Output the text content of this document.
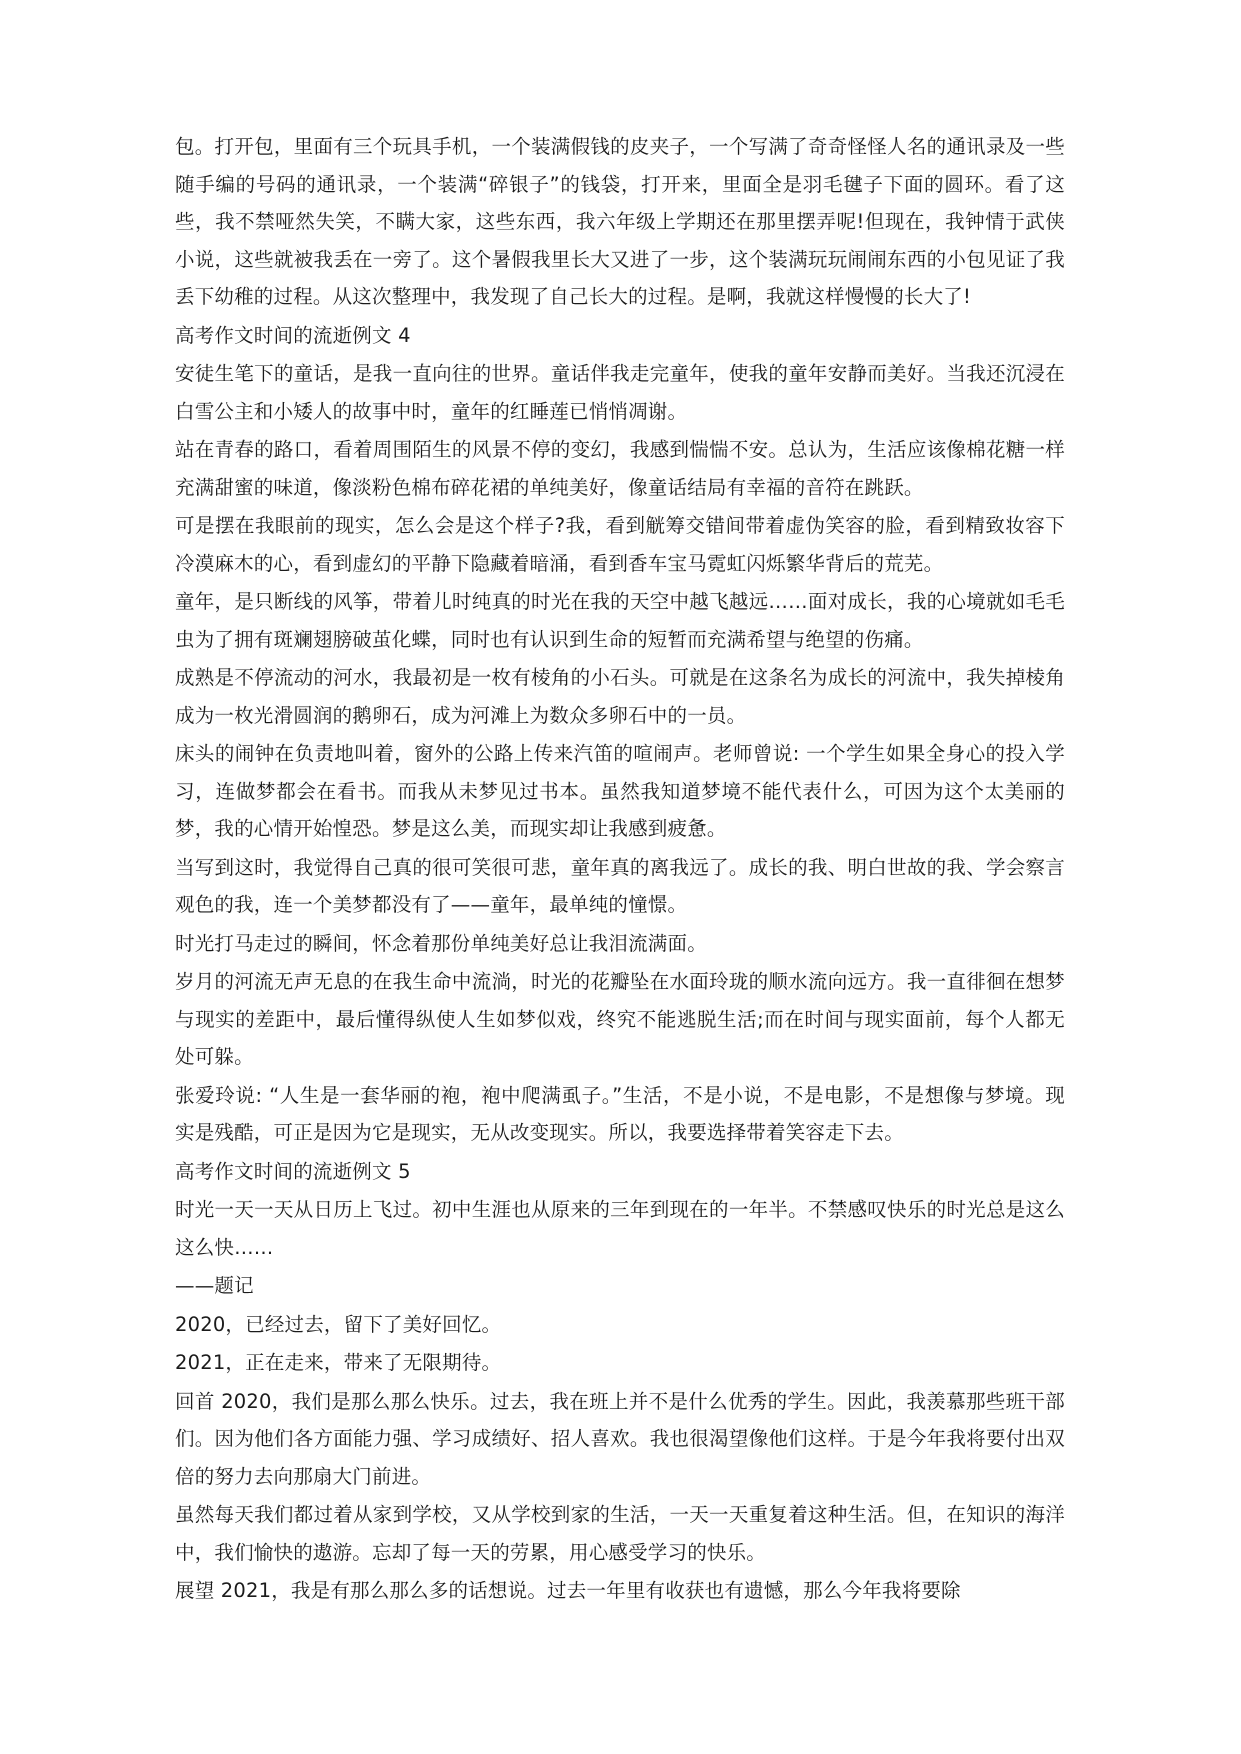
包。打开包，里面有三个玩具手机，一个装满假钱的皮夹子，一个写满了奇奇怪怪人名的通讯录及一些随手编的号码的通讯录，一个装满“碎银子”的钱袋，打开来，里面全是羽毛毽子下面的圆环。看了这些，我不禁哑然失笑，不瞒大家，这些东西，我六年级上学期还在那里摆弄呢!但现在，我钟情于武侠小说，这些就被我丢在一旁了。这个暑假我里长大又进了一步，这个装满玩玩闹闹东西的小包见证了我丢下幼稚的过程。从这次整理中，我发现了自己长大的过程。是啊，我就这样慢慢的长大了!

高考作文时间的流逝例文 4

安徒生笔下的童话，是我一直向往的世界。童话伴我走完童年，使我的童年安静而美好。当我还沉浸在白雪公主和小矮人的故事中时，童年的红睡莲已悄悄凋谢。

站在青春的路口，看着周围陌生的风景不停的变幻，我感到惴惴不安。总认为，生活应该像棉花糖一样充满甜蜜的味道，像淡粉色棉布碎花裙的单纯美好，像童话结局有幸福的音符在跳跃。

可是摆在我眼前的现实，怎么会是这个样子?我，看到觥筹交错间带着虚伪笑容的脸，看到精致妆容下冷漠麻木的心，看到虚幻的平静下隐藏着暗涌，看到香车宝马霓虹闪烁繁华背后的荒芜。

童年，是只断线的风筝，带着儿时纯真的时光在我的天空中越飞越远……面对成长，我的心境就如毛毛虫为了拥有斑斓翅膀破茧化蝶，同时也有认识到生命的短暂而充满希望与绝望的伤痛。

成熟是不停流动的河水，我最初是一枚有棱角的小石头。可就是在这条名为成长的河流中，我失掉棱角成为一枚光滑圆润的鹅卵石，成为河滩上为数众多卵石中的一员。

床头的闹钟在负责地叫着，窗外的公路上传来汽笛的喧闹声。老师曾说: 一个学生如果全身心的投入学习，连做梦都会在看书。而我从未梦见过书本。虽然我知道梦境不能代表什么，可因为这个太美丽的梦，我的心情开始惶恐。梦是这么美，而现实却让我感到疲惫。

当写到这时，我觉得自己真的很可笑很可悲，童年真的离我远了。成长的我、明白世故的我、学会察言观色的我，连一个美梦都没有了——童年，最单纯的憧憬。

时光打马走过的瞬间，怀念着那份单纯美好总让我泪流满面。

岁月的河流无声无息的在我生命中流淌，时光的花瓣坠在水面玲珑的顺水流向远方。我一直徘徊在想梦与现实的差距中，最后懂得纵使人生如梦似戏，终究不能逃脱生活;而在时间与现实面前，每个人都无处可躲。

张爱玲说: “人生是一套华丽的袍，袍中爬满虱子。”生活，不是小说，不是电影，不是想像与梦境。现实是残酷，可正是因为它是现实，无从改变现实。所以，我要选择带着笑容走下去。

高考作文时间的流逝例文 5

时光一天一天从日历上飞过。初中生涯也从原来的三年到现在的一年半。不禁感叹快乐的时光总是这么这么快……

——题记

2020，已经过去，留下了美好回忆。

2021，正在走来，带来了无限期待。

回首 2020，我们是那么那么快乐。过去，我在班上并不是什么优秀的学生。因此，我羡慕那些班干部们。因为他们各方面能力强、学习成绩好、招人喜欢。我也很渴望像他们这样。于是今年我将要付出双倍的努力去向那扇大门前进。

虽然每天我们都过着从家到学校，又从学校到家的生活，一天一天重复着这种生活。但，在知识的海洋中，我们愉快的遨游。忘却了每一天的劳累，用心感受学习的快乐。

展望 2021，我是有那么那么多的话想说。过去一年里有收获也有遗憾，那么今年我将要除
